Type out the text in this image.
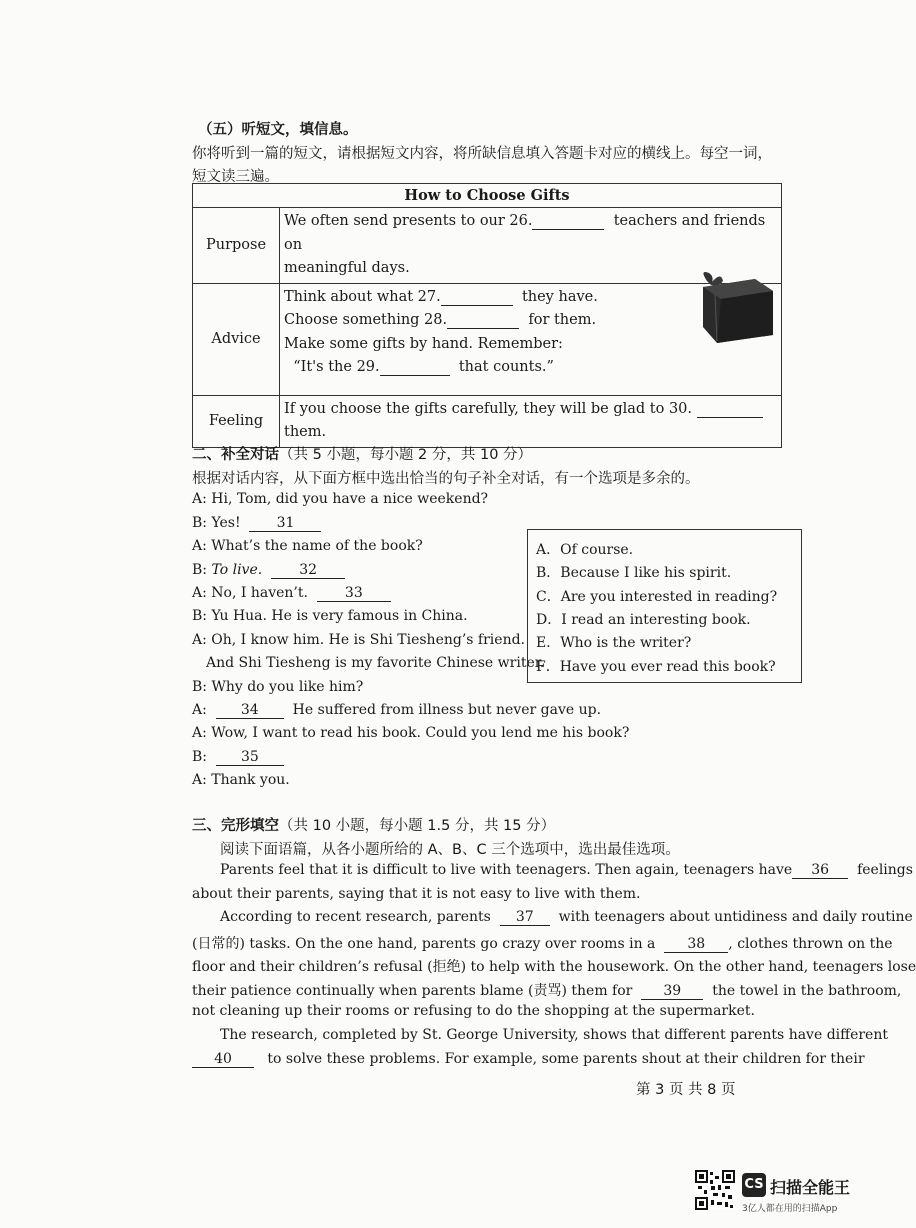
（五）听短文，填信息。
你将听到一篇的短文，请根据短文内容，将所缺信息填入答题卡对应的横线上。每空一词，
短文读三遍。
How to Choose Gifts	
Purpose	We often send presents to our 26. teachers and friends on
meaningful days.
Advice	Think about what 27. they have.
Choose something 28. for them.
Make some gifts by hand. Remember:
“It's the 29. that counts.”
Feeling	If you choose the gifts carefully, they will be glad to 30.
them.
二、补全对话（共 5 小题，每小题 2 分，共 10 分）
根据对话内容，从下面方框中选出恰当的句子补全对话，有一个选项是多余的。
A: Hi, Tom, did you have a nice weekend?
B: Yes!	31
A: What’s the name of the book?
B: To live.	32
A: No, I haven’t.	33
B: Yu Hua. He is very famous in China.
A: Oh, I know him. He is Shi Tiesheng’s friend.
And Shi Tiesheng is my favorite Chinese writer.
B: Why do you like him?
A: 34 He suffered from illness but never gave up.
A: Wow, I want to read his book. Could you lend me his book?
B: 35
A: Thank you.
A．Of course.
B．Because I like his spirit.
C．Are you interested in reading?
D．I read an interesting book.
E．Who is the writer?
F．Have you ever read this book?
三、完形填空（共 10 小题，每小题 1.5 分，共 15 分）
阅读下面语篇，从各小题所给的 A、B、C 三个选项中，选出最佳选项。
Parents feel that it is difficult to live with teenagers. Then again, teenagers have 36 feelings
about their parents, saying that it is not easy to live with them.
According to recent research, parents 37 with teenagers about untidiness and daily routine
(日常的) tasks. On the one hand, parents go crazy over rooms in a 38 , clothes thrown on the
floor and their children’s refusal (拒绝) to help with the housework. On the other hand, teenagers lose
their patience continually when parents blame (责骂) them for 39 the towel in the bathroom,
not cleaning up their rooms or refusing to do the shopping at the supermarket.
The research, completed by St. George University, shows that different parents have different
40	to solve these problems. For example, some parents shout at their children for their
第 3 页 共 8 页
CS 扫描全能王
3亿人都在用的扫描App
